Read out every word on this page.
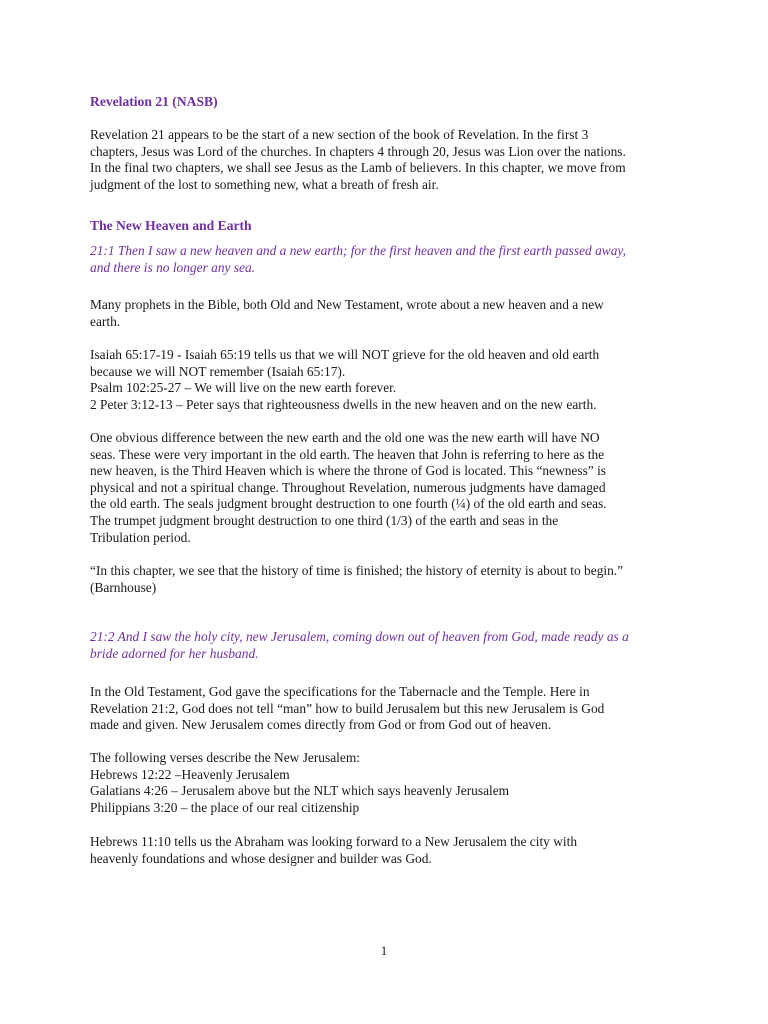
Revelation 21 (NASB)
Revelation 21 appears to be the start of a new section of the book of Revelation. In the first 3
chapters, Jesus was Lord of the churches. In chapters 4 through 20, Jesus was Lion over the nations.
In the final two chapters, we shall see Jesus as the Lamb of believers. In this chapter, we move from
judgment of the lost to something new, what a breath of fresh air.
The New Heaven and Earth
21:1 Then I saw a new heaven and a new earth; for the first heaven and the first earth passed away,
and there is no longer any sea.
Many prophets in the Bible, both Old and New Testament, wrote about a new heaven and a new
earth.
Isaiah 65:17-19 - Isaiah 65:19 tells us that we will NOT grieve for the old heaven and old earth
because we will NOT remember (Isaiah 65:17).
Psalm 102:25-27 – We will live on the new earth forever.
2 Peter 3:12-13 – Peter says that righteousness dwells in the new heaven and on the new earth.
One obvious difference between the new earth and the old one was the new earth will have NO
seas. These were very important in the old earth. The heaven that John is referring to here as the
new heaven, is the Third Heaven which is where the throne of God is located. This “newness” is
physical and not a spiritual change. Throughout Revelation, numerous judgments have damaged
the old earth. The seals judgment brought destruction to one fourth (¼) of the old earth and seas.
The trumpet judgment brought destruction to one third (1/3) of the earth and seas in the
Tribulation period.
“In this chapter, we see that the history of time is finished; the history of eternity is about to begin.”
(Barnhouse)
21:2 And I saw the holy city, new Jerusalem, coming down out of heaven from God, made ready as a
bride adorned for her husband.
In the Old Testament, God gave the specifications for the Tabernacle and the Temple. Here in
Revelation 21:2, God does not tell “man” how to build Jerusalem but this new Jerusalem is God
made and given. New Jerusalem comes directly from God or from God out of heaven.
The following verses describe the New Jerusalem:
Hebrews 12:22 –Heavenly Jerusalem
Galatians 4:26 – Jerusalem above but the NLT which says heavenly Jerusalem
Philippians 3:20 – the place of our real citizenship
Hebrews 11:10 tells us the Abraham was looking forward to a New Jerusalem the city with
heavenly foundations and whose designer and builder was God.
1
